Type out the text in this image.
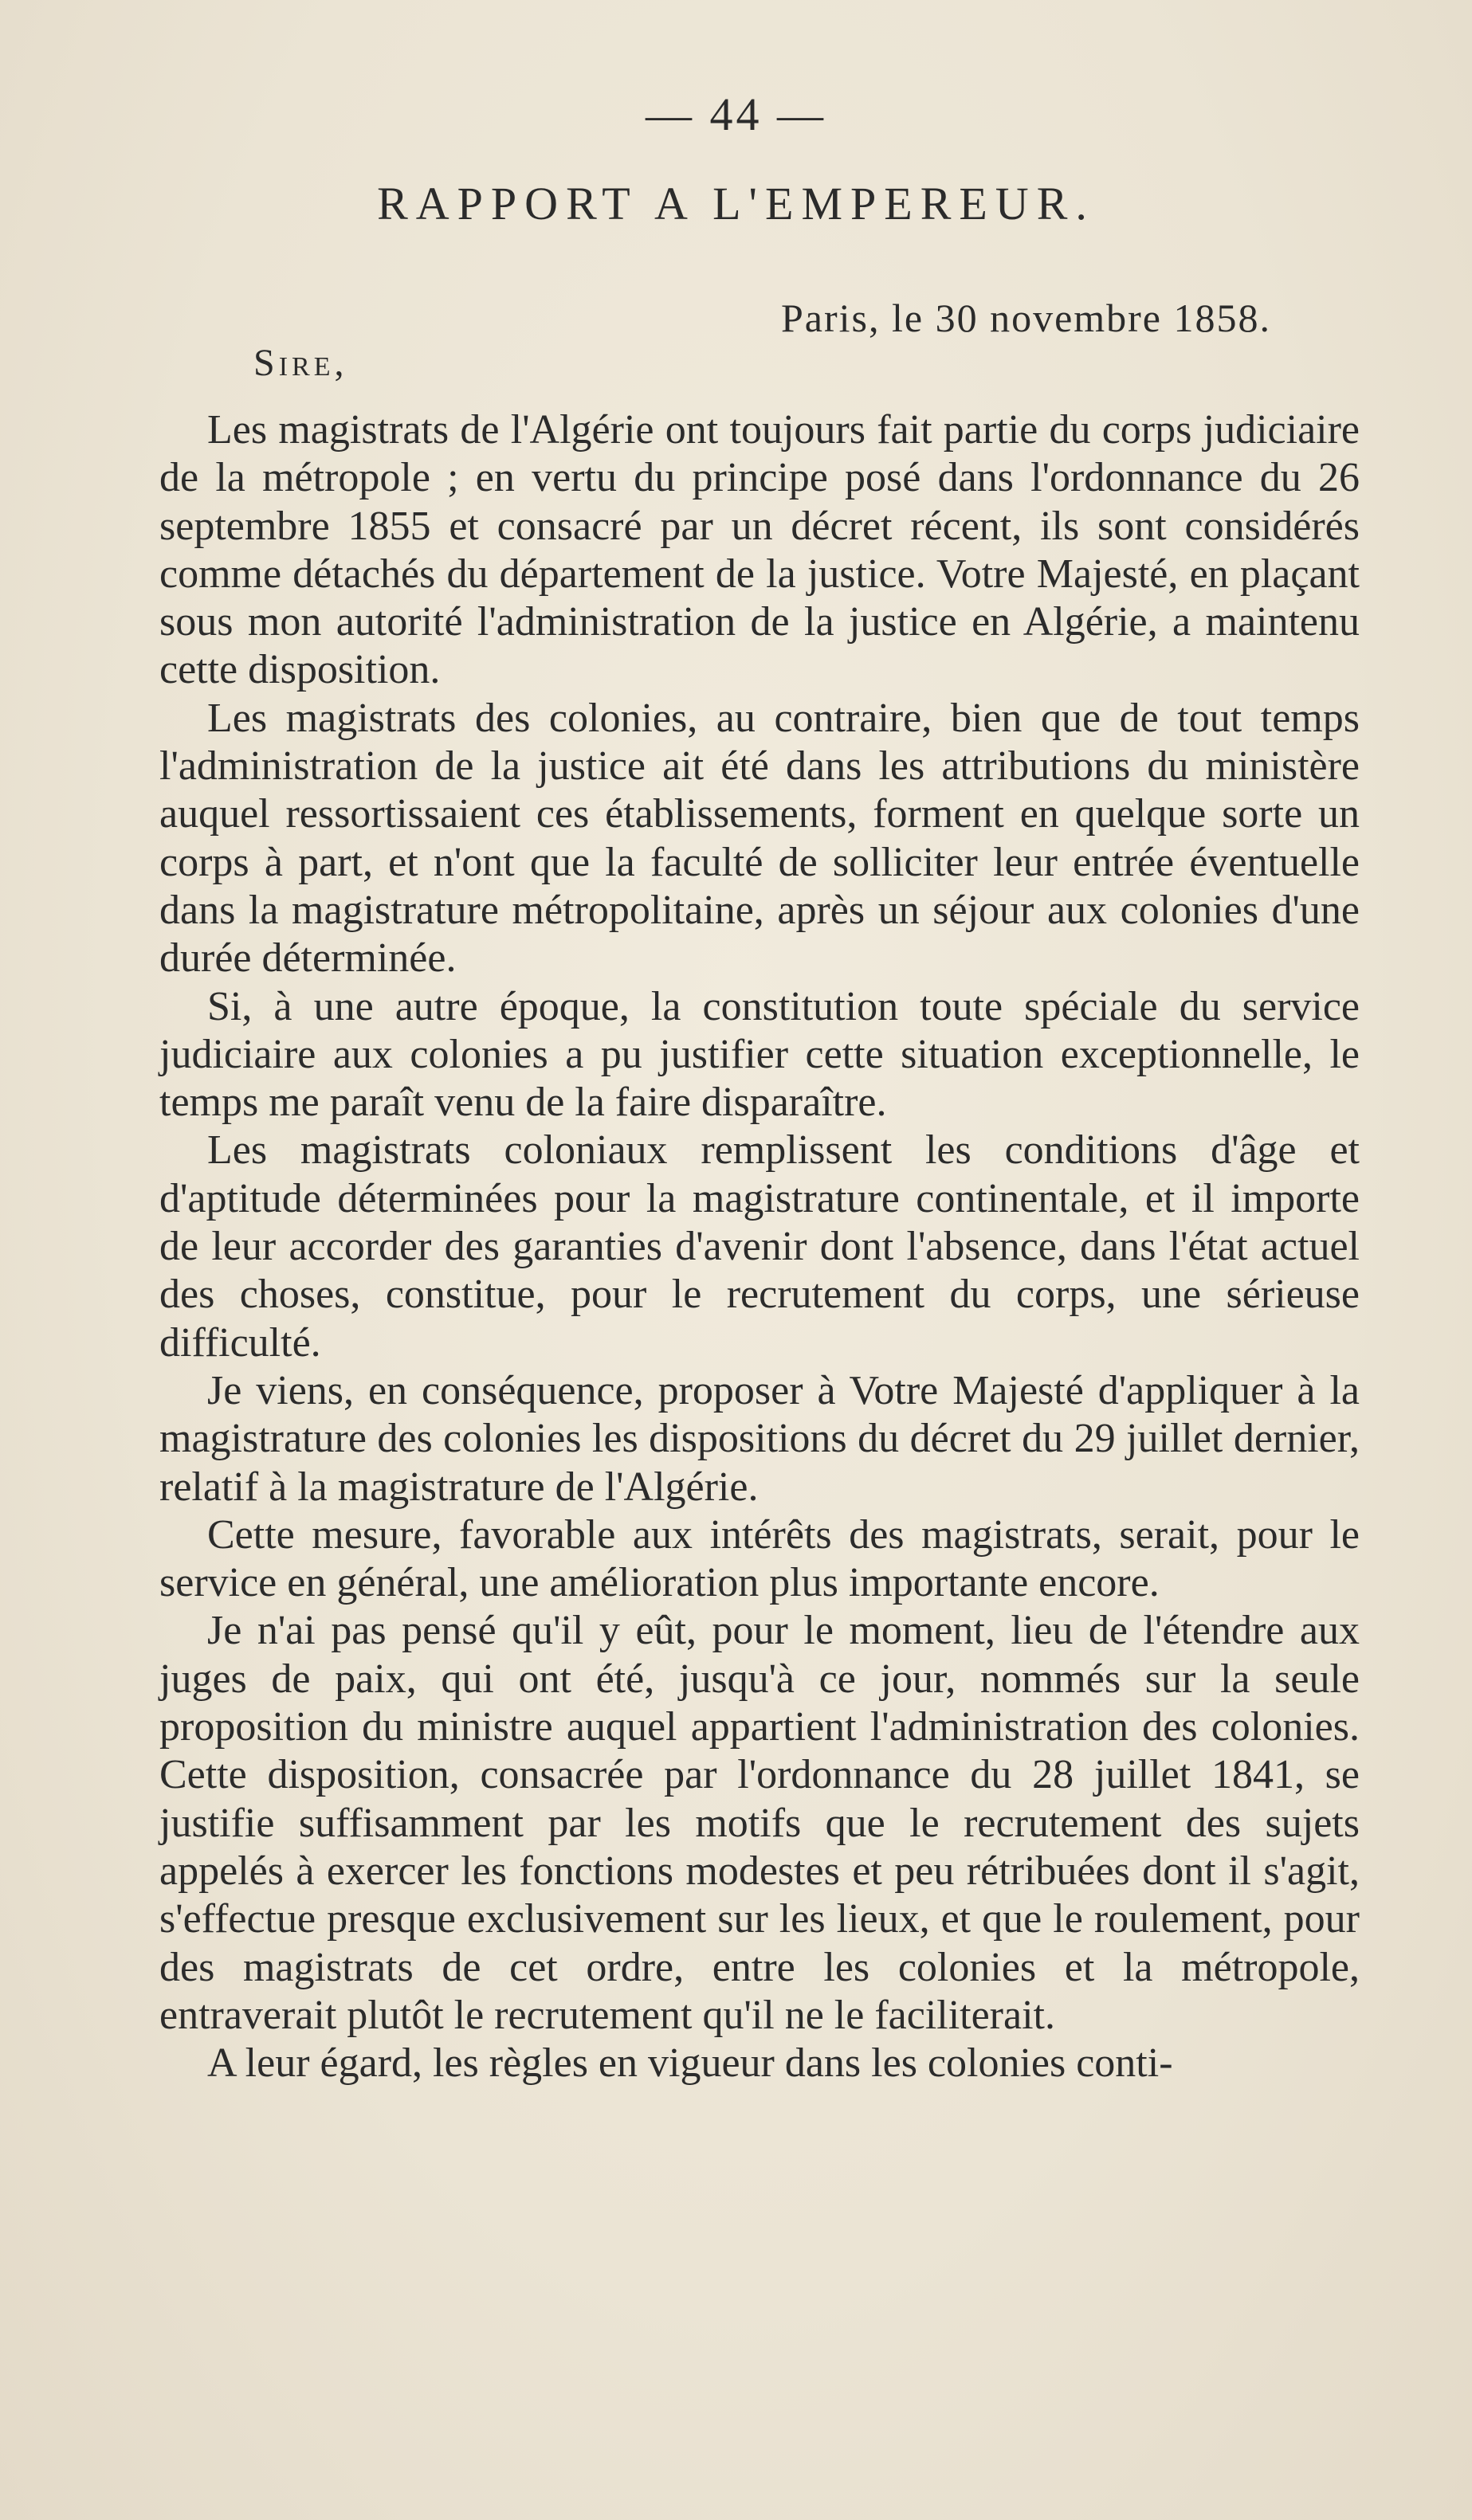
— 44 —
RAPPORT A L'EMPEREUR.
Paris, le 30 novembre 1858.
Sire,

Les magistrats de l'Algérie ont toujours fait partie du corps judiciaire de la métropole ; en vertu du principe posé dans l'ordonnance du 26 septembre 1855 et consacré par un décret récent, ils sont considérés comme détachés du département de la justice. Votre Majesté, en plaçant sous mon autorité l'administration de la justice en Algérie, a maintenu cette disposition.

Les magistrats des colonies, au contraire, bien que de tout temps l'administration de la justice ait été dans les attributions du ministère auquel ressortissaient ces établissements, forment en quelque sorte un corps à part, et n'ont que la faculté de solliciter leur entrée éventuelle dans la magistrature métropolitaine, après un séjour aux colonies d'une durée déterminée.

Si, à une autre époque, la constitution toute spéciale du service judiciaire aux colonies a pu justifier cette situation exceptionnelle, le temps me paraît venu de la faire disparaître.

Les magistrats coloniaux remplissent les conditions d'âge et d'aptitude déterminées pour la magistrature continentale, et il importe de leur accorder des garanties d'avenir dont l'absence, dans l'état actuel des choses, constitue, pour le recrutement du corps, une sérieuse difficulté.

Je viens, en conséquence, proposer à Votre Majesté d'appliquer à la magistrature des colonies les dispositions du décret du 29 juillet dernier, relatif à la magistrature de l'Algérie.

Cette mesure, favorable aux intérêts des magistrats, serait, pour le service en général, une amélioration plus importante encore.

Je n'ai pas pensé qu'il y eût, pour le moment, lieu de l'étendre aux juges de paix, qui ont été, jusqu'à ce jour, nommés sur la seule proposition du ministre auquel appartient l'administration des colonies. Cette disposition, consacrée par l'ordonnance du 28 juillet 1841, se justifie suffisamment par les motifs que le recrutement des sujets appelés à exercer les fonctions modestes et peu rétribuées dont il s'agit, s'effectue presque exclusivement sur les lieux, et que le roulement, pour des magistrats de cet ordre, entre les colonies et la métropole, entraverait plutôt le recrutement qu'il ne le faciliterait.

A leur égard, les règles en vigueur dans les colonies conti-
